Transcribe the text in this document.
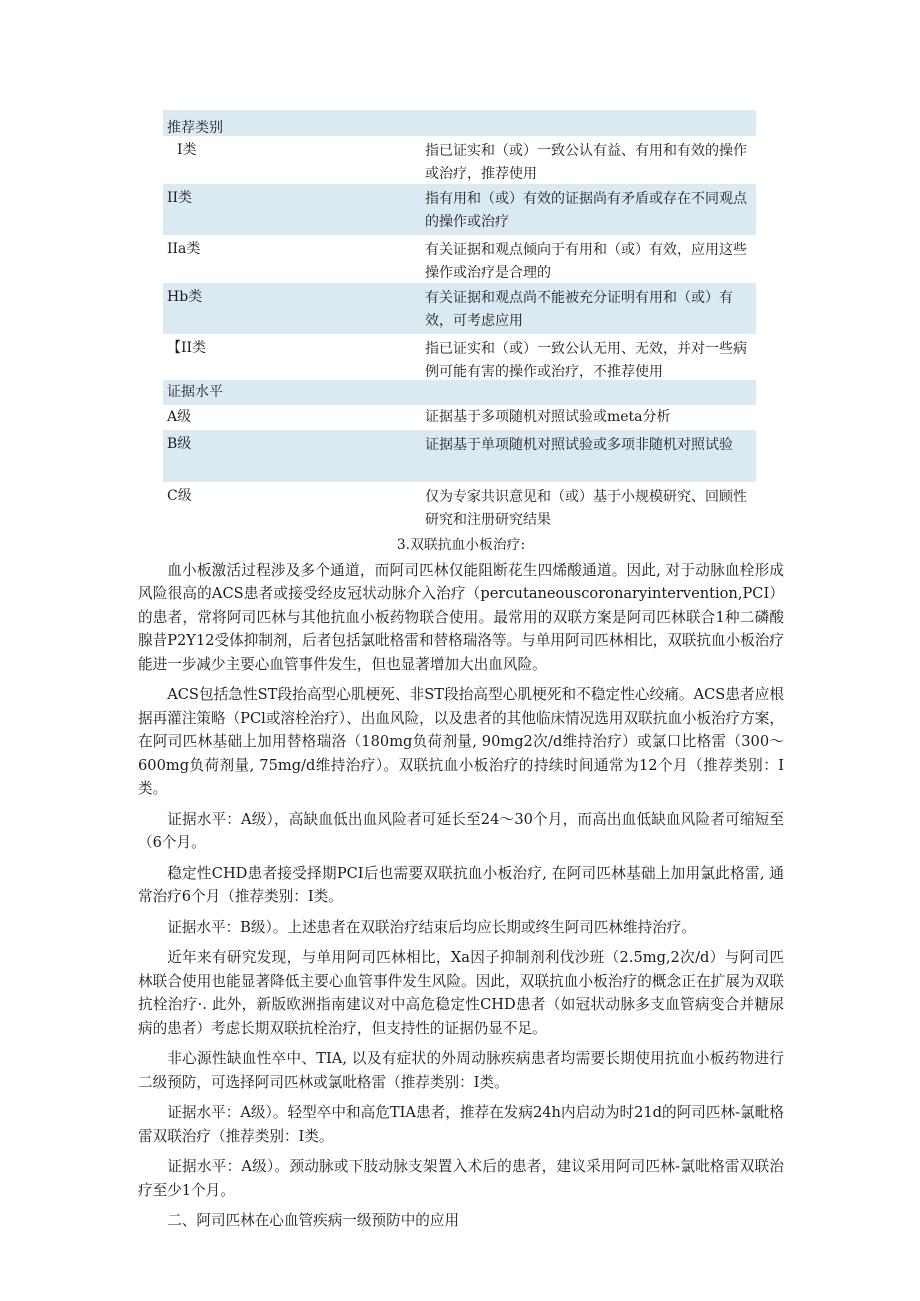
推荐类别
I类	指已证实和（或）一致公认有益、有用和有效的操作或治疗，推荐使用
II类	指有用和（或）有效的证据尚有矛盾或存在不同观点的操作或治疗
IIa类	有关证据和观点倾向于有用和（或）有效，应用这些操作或治疗是合理的
Hb类	有关证据和观点尚不能被充分证明有用和（或）有效，可考虑应用
【II类	指已证实和（或）一致公认无用、无效，并对一些病例可能有害的操作或治疗，不推荐使用
证据水平
A级	证据基于多项随机对照试验或meta分析
B级	证据基于单项随机对照试验或多项非随机对照试验
C级	仅为专家共识意见和（或）基于小规模研究、回顾性研究和注册研究结果

3.双联抗血小板治疗:

血小板激活过程涉及多个通道，而阿司匹林仅能阻断花生四烯酸通道。因此, 对于动脉血栓形成风险很高的ACS患者或接受经皮冠状动脉介入治疗（percutaneouscoronaryintervention,PCI）的患者，常将阿司匹林与其他抗血小板药物联合使用。最常用的双联方案是阿司匹林联合1种二磷酸腺昔P2Y12受体抑制剂，后者包括氯吡格雷和替格瑞洛等。与单用阿司匹林相比，双联抗血小板治疗能进一步减少主要心血管事件发生，但也显著增加大出血风险。

ACS包括急性ST段抬高型心肌梗死、非ST段抬高型心肌梗死和不稳定性心绞痛。ACS患者应根据再灌注策略（PCl或溶栓治疗）、出血风险，以及患者的其他临床情况选用双联抗血小板治疗方案，在阿司匹林基础上加用替格瑞洛（180mg负荷剂量, 90mg2次/d维持治疗）或氯口比格雷（300～600mg负荷剂量, 75mg/d维持治疗）。双联抗血小板治疗的持续时间通常为12个月（推荐类别：I类。

证据水平：A级），高缺血低出血风险者可延长至24～30个月，而高出血低缺血风险者可缩短至（6个月。

稳定性CHD患者接受择期PCI后也需要双联抗血小板治疗, 在阿司匹林基础上加用氯此格雷, 通常治疗6个月（推荐类别：I类。

证据水平：B级）。上述患者在双联治疗结束后均应长期或终生阿司匹林维持治疗。

近年来有研究发现，与单用阿司匹林相比，Xa因子抑制剂利伐沙班（2.5mg,2次/d）与阿司匹林联合使用也能显著降低主要心血管事件发生风险。因此，双联抗血小板治疗的概念正在扩展为双联抗栓治疗·. 此外，新版欧洲指南建议对中高危稳定性CHD患者（如冠状动脉多支血管病变合并糖尿病的患者）考虑长期双联抗栓治疗，但支持性的证据仍显不足。

非心源性缺血性卒中、TIA, 以及有症状的外周动脉疾病患者均需要长期使用抗血小板药物进行二级预防，可选择阿司匹林或氯吡格雷（推荐类别：I类。

证据水平：A级）。轻型卒中和高危TIA患者，推荐在发病24h内启动为时21d的阿司匹林-氯毗格雷双联治疗（推荐类别：I类。

证据水平：A级）。颈动脉或下肢动脉支架置入术后的患者，建议采用阿司匹林-氯吡格雷双联治疗至少1个月。

二、阿司匹林在心血管疾病一级预防中的应用
